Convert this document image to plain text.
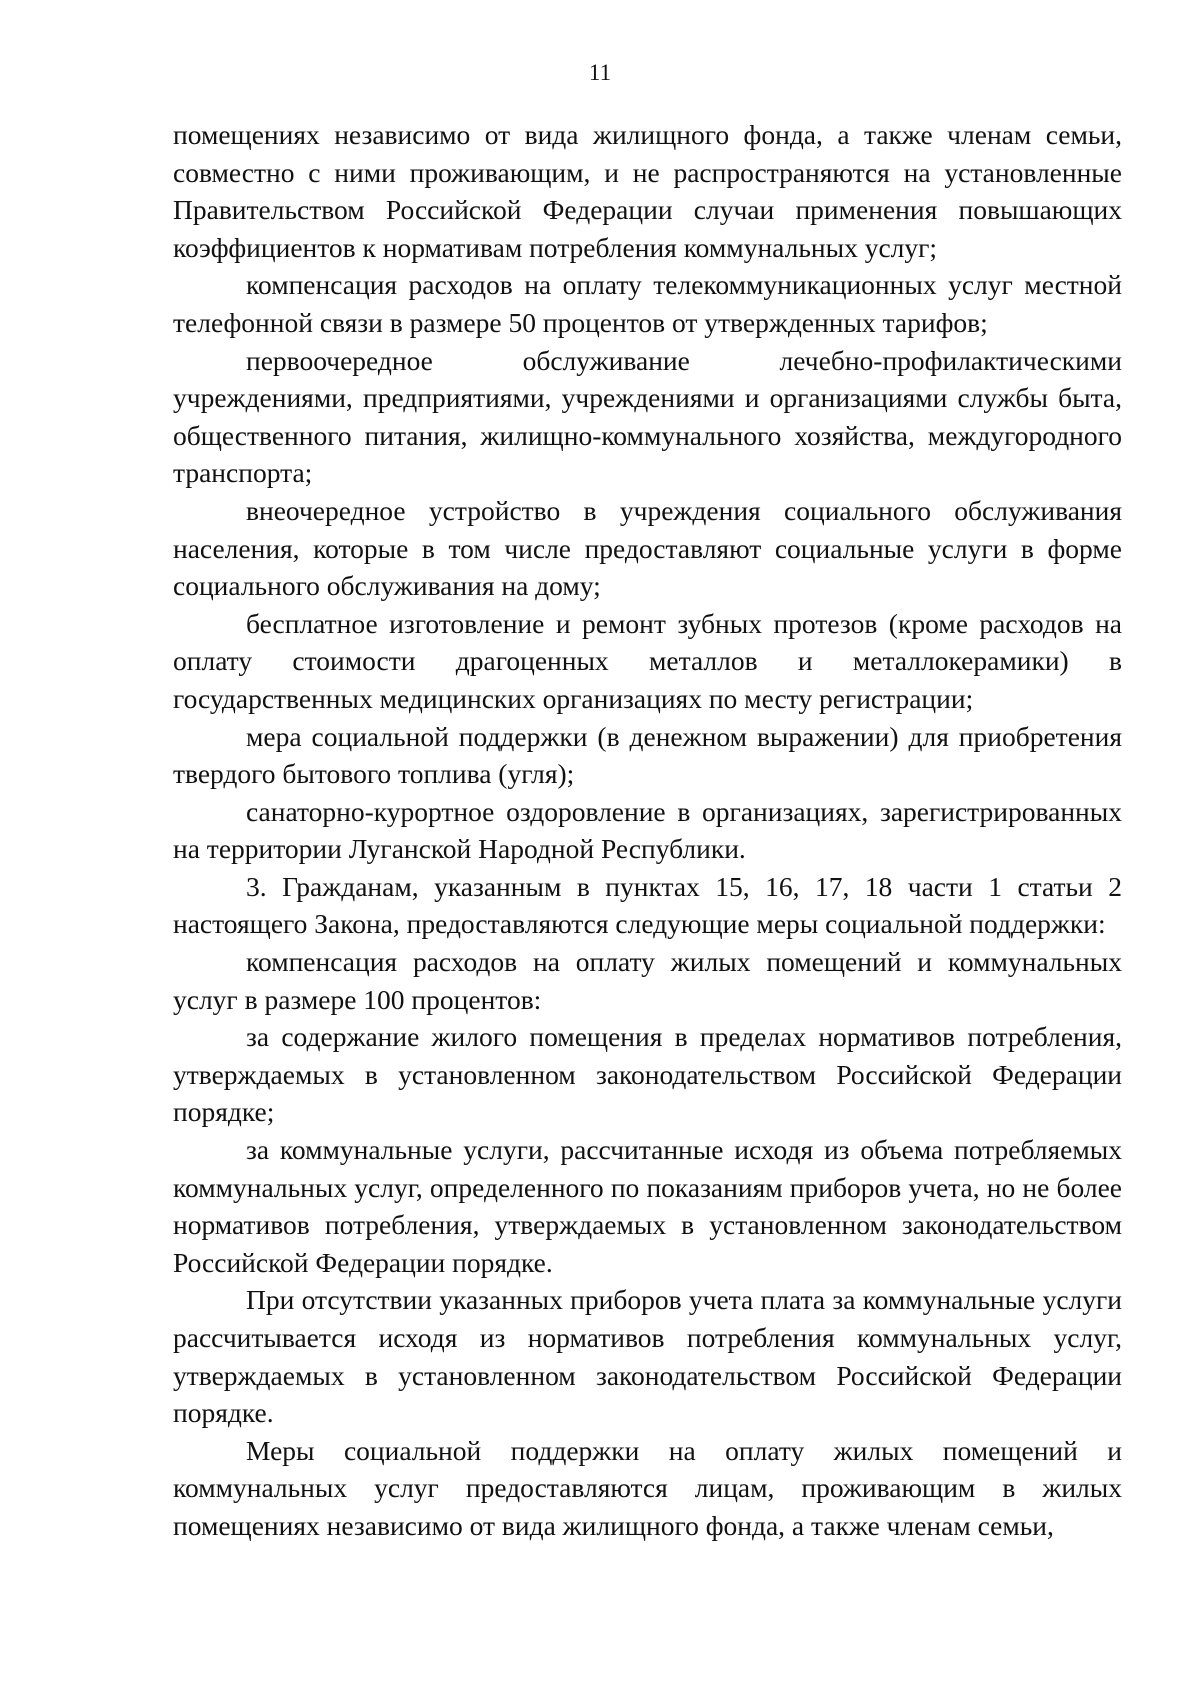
11

помещениях независимо от вида жилищного фонда, а также членам семьи, совместно с ними проживающим, и не распространяются на установленные Правительством Российской Федерации случаи применения повышающих коэффициентов к нормативам потребления коммунальных услуг;

компенсация расходов на оплату телекоммуникационных услуг местной телефонной связи в размере 50 процентов от утвержденных тарифов;

первоочередное обслуживание лечебно-профилактическими учреждениями, предприятиями, учреждениями и организациями службы быта, общественного питания, жилищно-коммунального хозяйства, междугородного транспорта;

внеочередное устройство в учреждения социального обслуживания населения, которые в том числе предоставляют социальные услуги в форме социального обслуживания на дому;

бесплатное изготовление и ремонт зубных протезов (кроме расходов на оплату стоимости драгоценных металлов и металлокерамики) в государственных медицинских организациях по месту регистрации;

мера социальной поддержки (в денежном выражении) для приобретения твердого бытового топлива (угля);

санаторно-курортное оздоровление в организациях, зарегистрированных на территории Луганской Народной Республики.

3. Гражданам, указанным в пунктах 15, 16, 17, 18 части 1 статьи 2 настоящего Закона, предоставляются следующие меры социальной поддержки:

компенсация расходов на оплату жилых помещений и коммунальных услуг в размере 100 процентов:

за содержание жилого помещения в пределах нормативов потребления, утверждаемых в установленном законодательством Российской Федерации порядке;

за коммунальные услуги, рассчитанные исходя из объема потребляемых коммунальных услуг, определенного по показаниям приборов учета, но не более нормативов потребления, утверждаемых в установленном законодательством Российской Федерации порядке.

При отсутствии указанных приборов учета плата за коммунальные услуги рассчитывается исходя из нормативов потребления коммунальных услуг, утверждаемых в установленном законодательством Российской Федерации порядке.

Меры социальной поддержки на оплату жилых помещений и коммунальных услуг предоставляются лицам, проживающим в жилых помещениях независимо от вида жилищного фонда, а также членам семьи,
